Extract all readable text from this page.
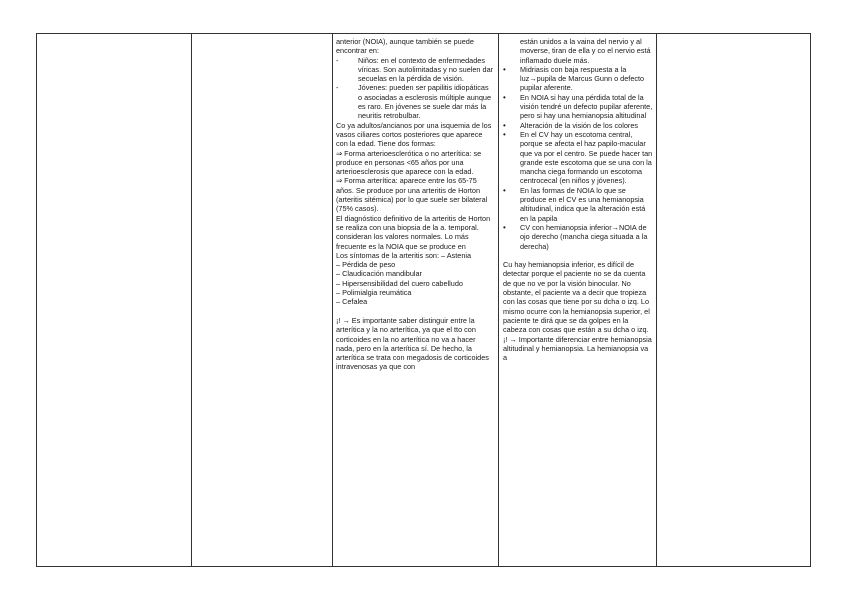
anterior (NOIA), aunque también se puede encontrar en:

- Niños: en el contexto de enfermedades víricas. Son autolimitadas y no suelen dar secuelas en la pérdida de visión.

- Jóvenes: pueden ser papilitis idiopáticas o asociadas a esclerosis múltiple aunque es raro. En jóvenes se suele dar más la neuritis retrobulbar.

Co ya adultos/ancianos por una isquemia de los vasos ciliares cortos posteriores que aparece con la edad. Tiene dos formas:

⇒ Forma arterioesclerótica o no arterítica: se produce en personas <65 años por una arterioesclerosis que aparece con la edad.

⇒ Forma arterítica: aparece entre los 65-75 años. Se produce por una arteritis de Horton (arteritis sitémica) por lo que suele ser bilateral (75% casos).

El diagnóstico definitivo de la arteritis de Horton se realiza con una biopsia de la a. temporal. consideran los valores normales. Lo más frecuente es la NOIA que se produce en

Los síntomas de la arteritis son: – Astenia

– Pérdida de peso

– Claudicación mandibular

– Hipersensibilidad del cuero cabelludo

– Polimialgia reumática

– Cefalea

¡! → Es importante saber distinguir entre la arterítica y la no arterítica, ya que el tto con corticoides en la no arterítica no va a hacer nada, pero en la arterítica sí. De hecho, la arterítica se trata con megadosis de corticoides intravenosas ya que con

están unidos a la vaina del nervio y al moverse, tiran de ella y co el nervio está inflamado duele más.

• Midriasis con baja respuesta a la luz→pupila de Marcus Gunn o defecto pupilar aferente.

• En NOIA si hay una pérdida total de la visión tendré un defecto pupilar aferente, pero si hay una hemianopsia altitudinal

• Alteración de la visión de los colores

• En el CV hay un escotoma central, porque se afecta el haz papilo-macular que va por el centro. Se puede hacer tan grande este escotoma que se una con la mancha ciega formando un escotoma centrocecal (en niños y jóvenes).

• En las formas de NOIA lo que se produce en el CV es una hemianopsia altitudinal, indica que la alteración está en la papila

• CV con hemianopsia inferior→NOIA de ojo derecho (mancha ciega situada a la derecha)

Cu hay hemianopsia inferior, es difícil de detectar porque el paciente no se da cuenta de que no ve por la visión binocular. No obstante, el paciente va a decir que tropieza con las cosas que tiene por su dcha o izq. Lo mismo ocurre con la hemianopsia superior, el paciente te dirá que se da golpes en la cabeza con cosas que están a su dcha o izq.

¡! → Importante diferenciar entre hemianopsia altitudinal y hemianopsia. La hemianopsia va a
